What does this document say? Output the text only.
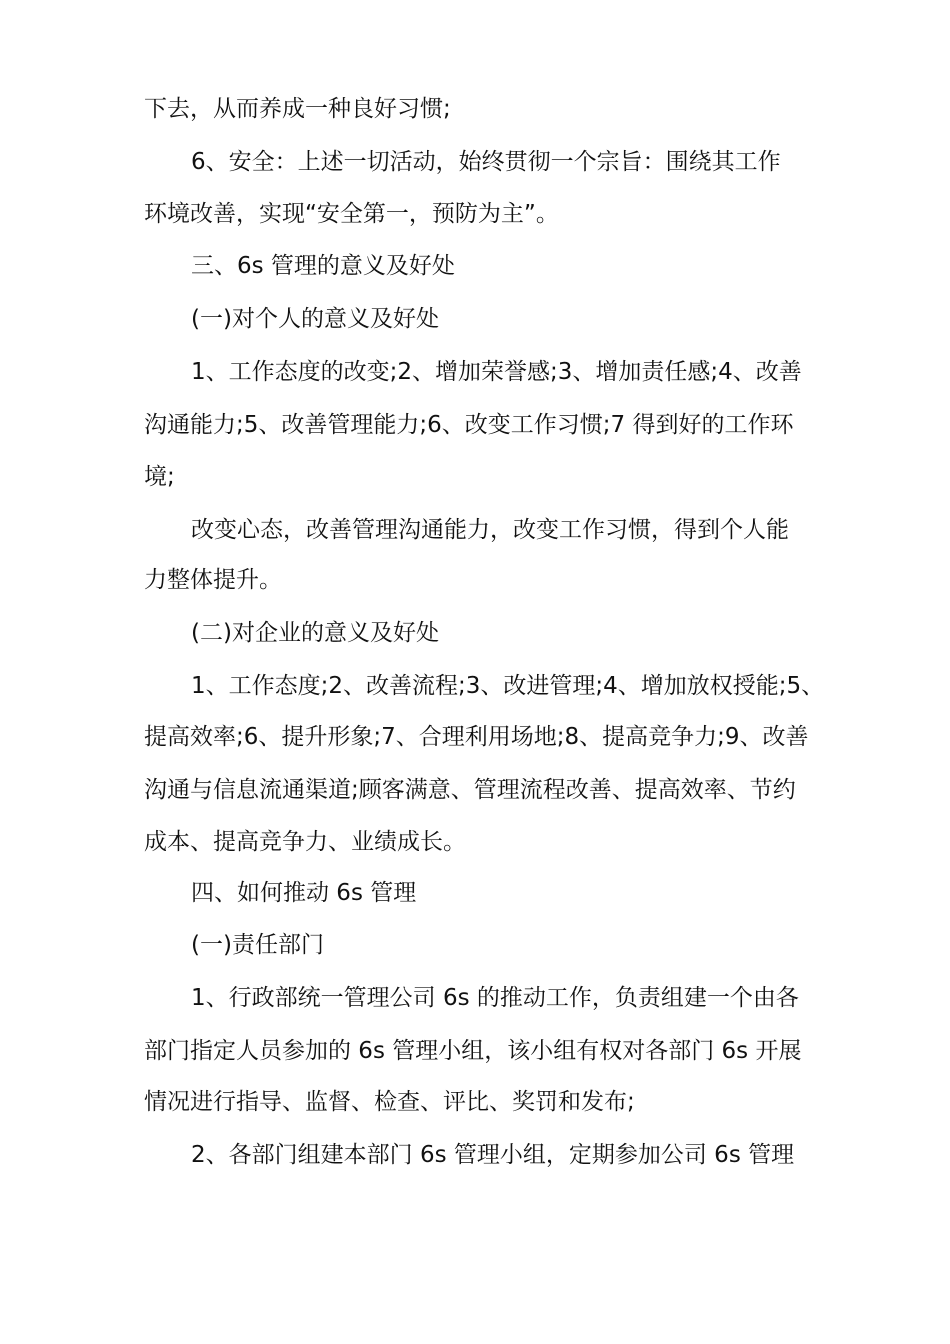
下去，从而养成一种良好习惯;
6、安全：上述一切活动，始终贯彻一个宗旨：围绕其工作
环境改善，实现“安全第一，预防为主”。
三、6s 管理的意义及好处
(一)对个人的意义及好处
1、工作态度的改变;2、增加荣誉感;3、增加责任感;4、改善
沟通能力;5、改善管理能力;6、改变工作习惯;7 得到好的工作环
境;
改变心态，改善管理沟通能力，改变工作习惯，得到个人能
力整体提升。
(二)对企业的意义及好处
1、工作态度;2、改善流程;3、改进管理;4、增加放权授能;5、
提高效率;6、提升形象;7、合理利用场地;8、提高竞争力;9、改善
沟通与信息流通渠道;顾客满意、管理流程改善、提高效率、节约
成本、提高竞争力、业绩成长。
四、如何推动 6s 管理
(一)责任部门
1、行政部统一管理公司 6s 的推动工作，负责组建一个由各
部门指定人员参加的 6s 管理小组，该小组有权对各部门 6s 开展
情况进行指导、监督、检查、评比、奖罚和发布;
2、各部门组建本部门 6s 管理小组，定期参加公司 6s 管理
